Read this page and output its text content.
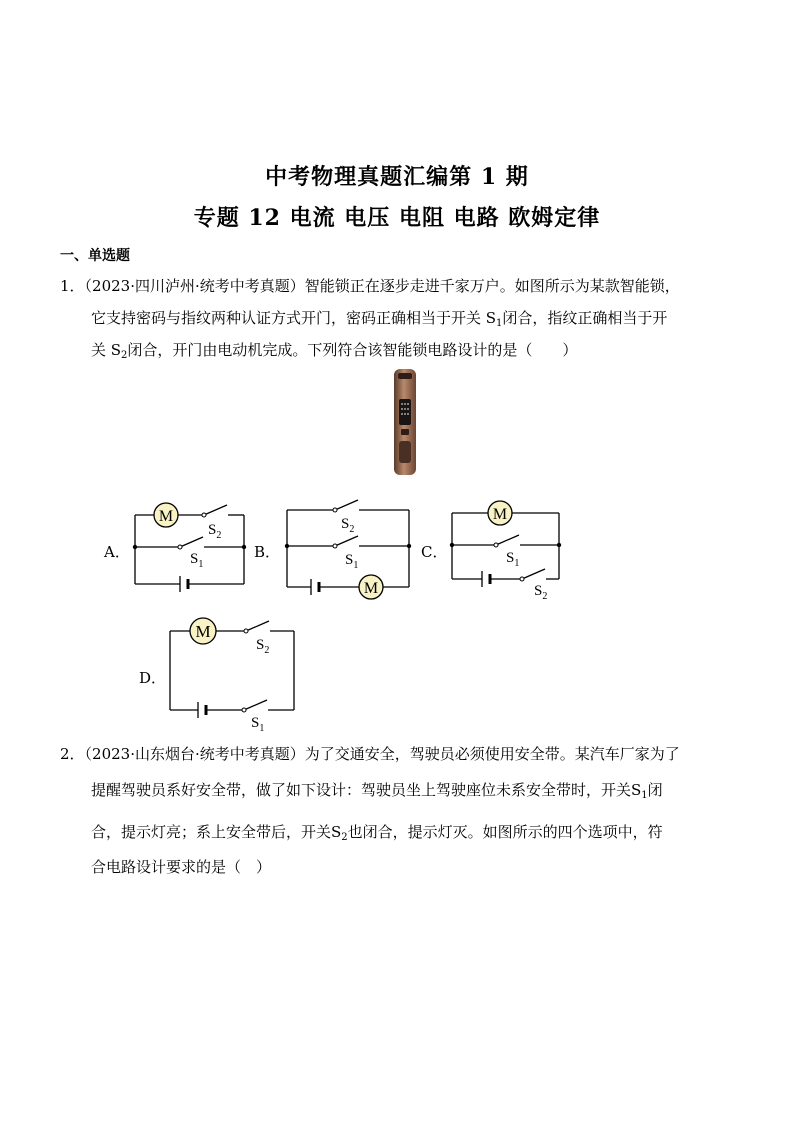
中考物理真题汇编第 1 期
专题 12 电流 电压 电阻 电路 欧姆定律
一、单选题
1．（2023·四川泸州·统考中考真题）智能锁正在逐步走进千家万户。如图所示为某款智能锁，
它支持密码与指纹两种认证方式开门，密码正确相当于开关 $S_1$闭合，指纹正确相当于开
关 $S_2$闭合，开门由电动机完成。下列符合该智能锁电路设计的是（　　）
A．
M
$S_2$
$S_1$
B．
M
$S_2$
$S_1$
C．
M
$S_1$
$S_2$
D．
M
$S_2$
$S_1$
2．（2023·山东烟台·统考中考真题）为了交通安全，驾驶员必须使用安全带。某汽车厂家为了
提醒驾驶员系好安全带，做了如下设计：驾驶员坐上驾驶座位未系安全带时，开关$S_1$闭
合，提示灯亮；系上安全带后，开关$S_2$也闭合，提示灯灭。如图所示的四个选项中，符
合电路设计要求的是（　）
